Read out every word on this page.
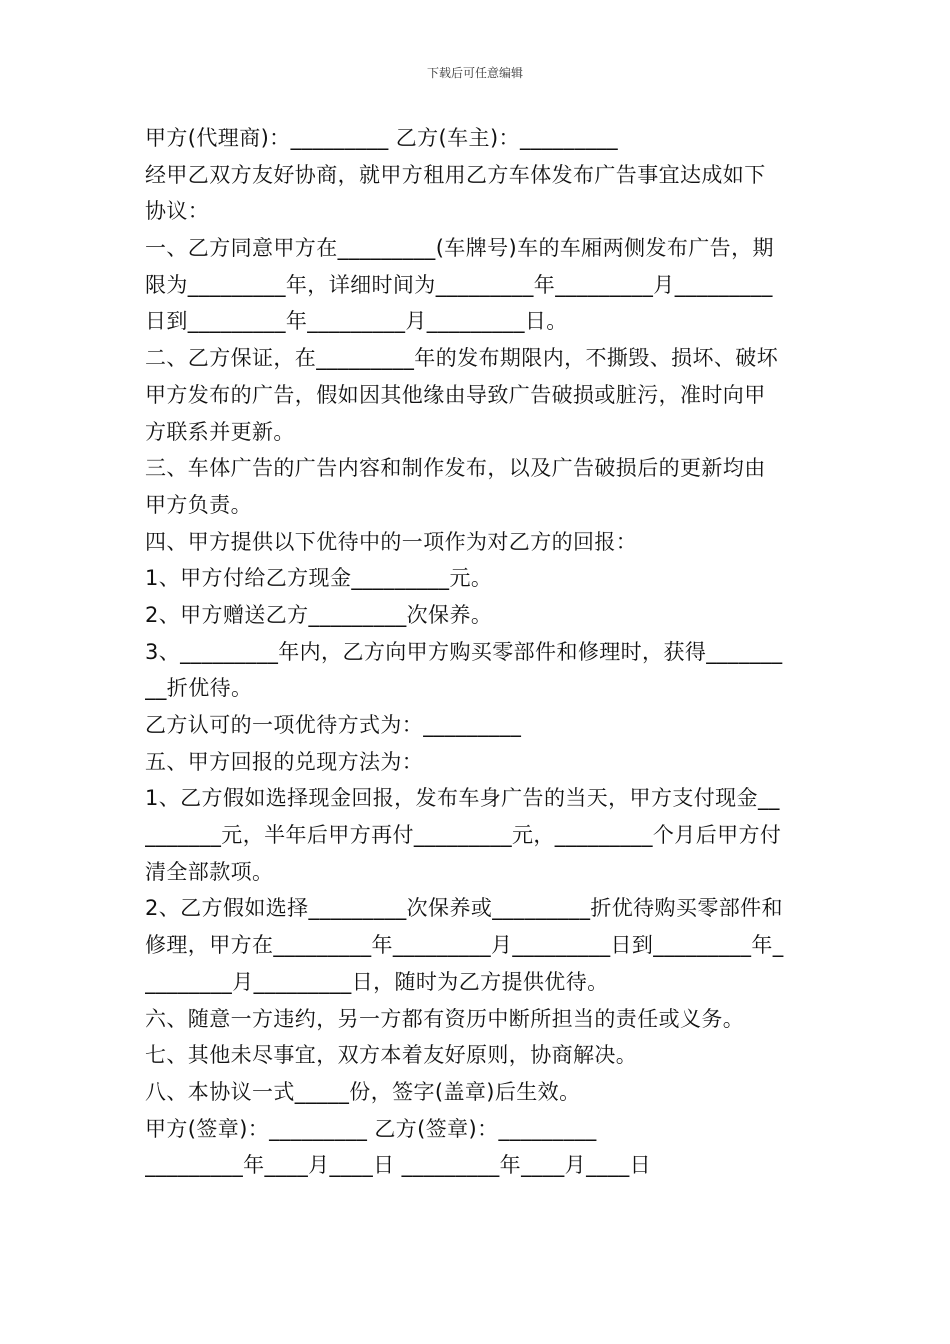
下载后可任意编辑
甲方(代理商)：_________ 乙方(车主)：_________
经甲乙双方友好协商，就甲方租用乙方车体发布广告事宜达成如下
协议：
一、乙方同意甲方在_________(车牌号)车的车厢两侧发布广告，期
限为_________年，详细时间为_________年_________月_________
日到_________年_________月_________日。
二、乙方保证，在_________年的发布期限内，不撕毁、损坏、破坏
甲方发布的广告，假如因其他缘由导致广告破损或脏污，准时向甲
方联系并更新。
三、车体广告的广告内容和制作发布，以及广告破损后的更新均由
甲方负责。
四、甲方提供以下优待中的一项作为对乙方的回报：
1、甲方付给乙方现金_________元。
2、甲方赠送乙方_________次保养。
3、_________年内，乙方向甲方购买零部件和修理时，获得_______
__折优待。
乙方认可的一项优待方式为：_________
五、甲方回报的兑现方法为：
1、乙方假如选择现金回报，发布车身广告的当天，甲方支付现金__
_______元，半年后甲方再付_________元，_________个月后甲方付
清全部款项。
2、乙方假如选择_________次保养或_________折优待购买零部件和
修理，甲方在_________年_________月_________日到_________年_
________月_________日，随时为乙方提供优待。
六、随意一方违约，另一方都有资历中断所担当的责任或义务。
七、其他未尽事宜，双方本着友好原则，协商解决。
八、本协议一式_____份，签字(盖章)后生效。
甲方(签章)：_________ 乙方(签章)：_________
_________年____月____日 _________年____月____日
